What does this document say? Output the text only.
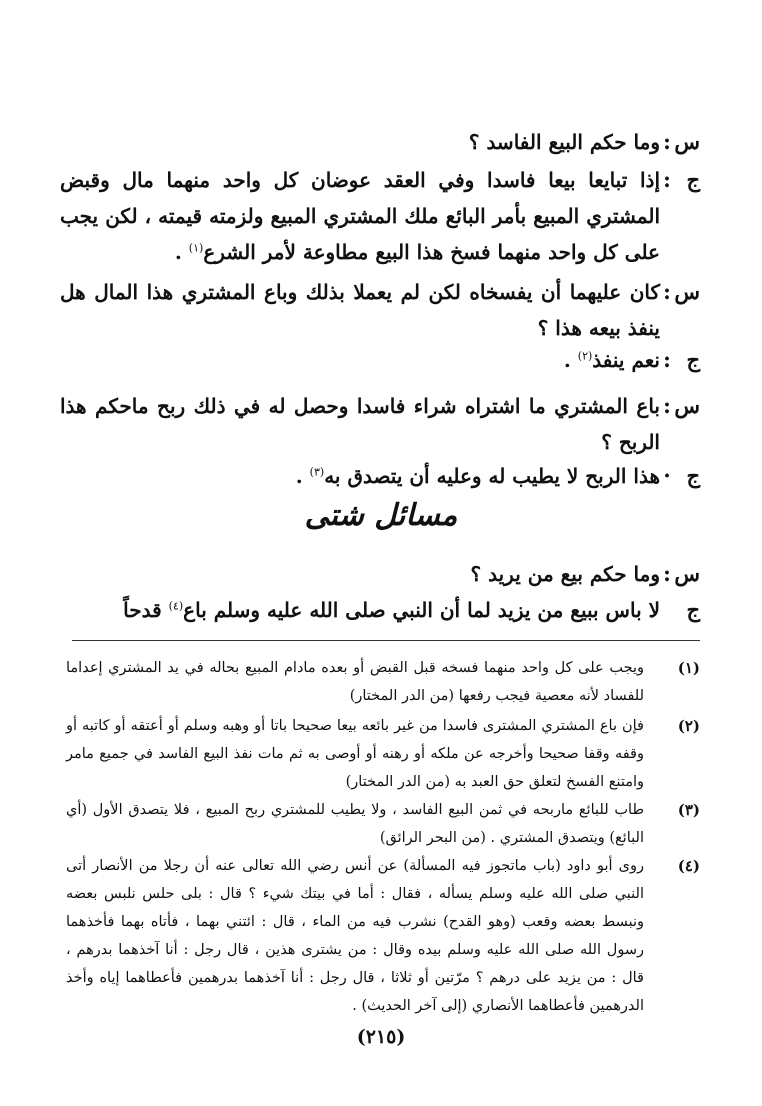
س
:
وما حكم البيع الفاسد ؟
ج
:
إذا تبايعا بيعا فاسدا وفي العقد عوضان كل واحد منهما مال وقبض المشتري المبيع بأمر البائع ملك المشتري المبيع ولزمته قيمته ، لكن يجب على كل واحد منهما فسخ هذا البيع مطاوعة لأمر الشرع$^{(١)}$ .
س
:
كان عليهما أن يفسخاه لكن لم يعملا بذلك وباع المشتري هذا المال هل ينفذ بيعه هذا ؟
ج
:
نعم ينفذ$^{(٢)}$ .
س
:
باع المشتري ما اشتراه شراء فاسدا وحصل له في ذلك ربح ماحكم هذا الربح ؟
ج
·
هذا الربح لا يطيب له وعليه أن يتصدق به$^{(٣)}$ .
مسائل شتى
س
:
وما حكم بيع من يريد ؟
ج
لا باس ببيع من يزيد لما أن النبي صلى الله عليه وسلم باع$^{(٤)}$ قدحاً
(١)
ويجب على كل واحد منهما فسخه قبل القبض أو بعده مادام المبيع بحاله في يد المشتري إعداما للفساد لأنه معصية فيجب رفعها (من الدر المختار)
(٢)
فإن باع المشتري المشترى فاسدا من غير بائعه بيعا صحيحا باتا أو وهبه وسلم أو أعتقه أو كاتبه أو وقفه وقفا صحيحا وأخرجه عن ملكه أو رهنه أو أوصى به ثم مات نفذ البيع الفاسد في جميع مامر وامتنع الفسخ لتعلق حق العبد به (من الدر المختار)
(٣)
طاب للبائع ماربحه في ثمن البيع الفاسد ، ولا يطيب للمشتري ربح المبيع ، فلا يتصدق الأول (أي البائع) ويتصدق المشتري . (من البحر الرائق)
(٤)
روى أبو داود (باب ماتجوز فيه المسألة) عن أنس رضي الله تعالى عنه أن رجلا من الأنصار أتى النبي صلى الله عليه وسلم يسأله ، فقال : أما في بيتك شيء ؟ قال : بلى حلس نلبس بعضه ونبسط بعضه وقعب (وهو القدح) نشرب فيه من الماء ، قال : ائتني بهما ، فأتاه بهما فأخذهما رسول الله صلى الله عليه وسلم بيده وقال : من يشترى هذين ، قال رجل : أنا آخذهما بدرهم ، قال : من يزيد على درهم ؟ مرّتين أو ثلاثا ، قال رجل : أنا آخذهما بدرهمين فأعطاهما إياه وأخذ الدرهمين فأعطاهما الأنصاري (إلى آخر الحديث) .
(٢١٥)
